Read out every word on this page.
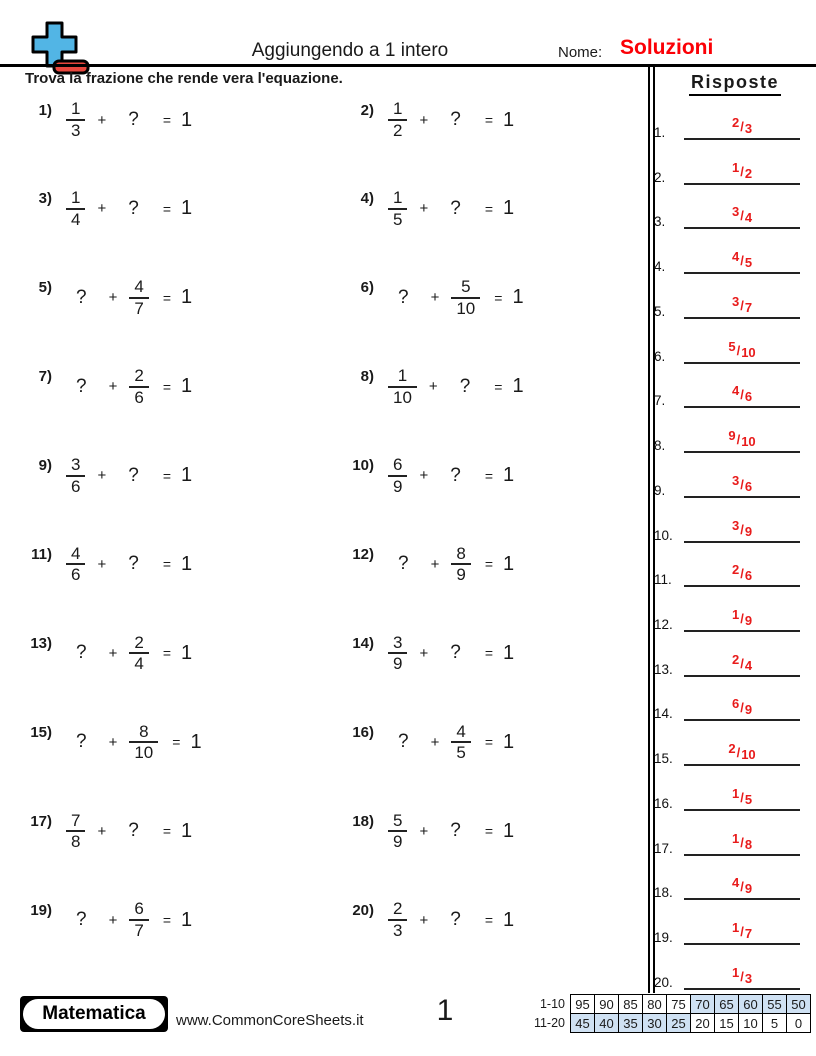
Aggiungendo a 1 intero	Nome: Soluzioni
Trova la frazione che rende vera l'equazione.
$1) \frac{1}{3}$ + ? = 1	$2) \frac{1}{2}$ + ? = 1
$3) \frac{1}{4}$ + ? = 1	$4) \frac{1}{5}$ + ? = 1
5) ? + $\frac{4}{7} = 1$	6) ? + $\frac{5}{10} = 1$
7) ? + $\frac{2}{6} = 1$	$8) \frac{1}{10}$ + ? = 1
$9) \frac{3}{6}$ + ? = 1	$10) \frac{6}{9}$ + ? = 1
$11) \frac{4}{6}$ + ? = 1	12) ? + $\frac{8}{9} = 1$
13) ? + $\frac{2}{4} = 1$	$14) \frac{3}{9}$ + ? = 1
15) ? + $\frac{8}{10} = 1$	16) ? + $\frac{4}{5} = 1$
$17) \frac{7}{8}$ + ? = 1	$18) \frac{5}{9}$ + ? = 1
19) ? + $\frac{6}{7} = 1$	$20) \frac{2}{3}$ + ? = 1
Risposte
1.
$^2$/3
2.
$^1$/2
3.
$^3$/4
4.
$^4$/5
5.
$^3$/7
6.
$^5$/10
7.
$^4$/6
8.
$^9$/10
9.
$^3$/6
10.
$^3$/9
11.
$^2$/6
12.
$^1$/9
13.
$^2$/4
14.
$^6$/9
15.
$^2$/10
16.
$^1$/5
17.
$^1$/8
18.
$^4$/9
19.
$^1$/7
20.
$^1$/3
Matematica	www.CommonCoreSheets.it	1	1-10	95	90	85	80	75	70	65	60	55	50
11-20	45	40	35	30	25	20	15	10	5	0
